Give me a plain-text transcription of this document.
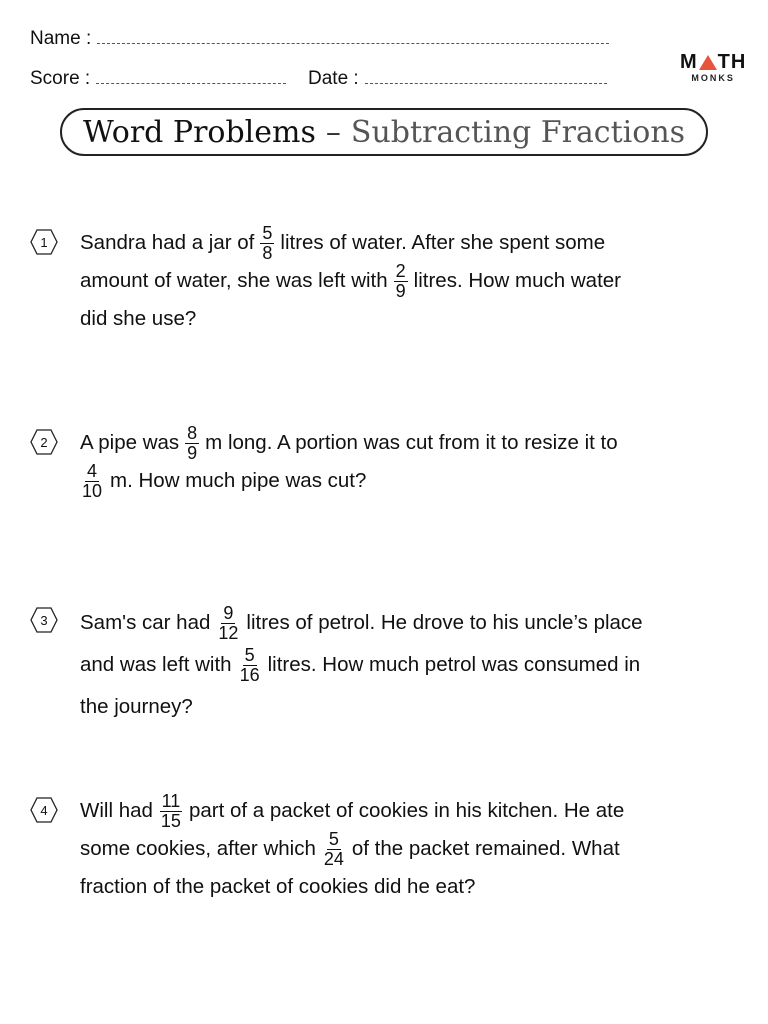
Name :
Score :	Date :
M TH
MONKS
Word Problems – Subtracting Fractions
1 Sandra had a jar of $\frac{5}{8}$ litres of water. After she spent some
amount of water, she was left with $\frac{2}{9}$ litres. How much water
did she use?
2 A pipe was $\frac{8}{9}$ m long. A portion was cut from it to resize it to
$\frac{4}{10} m$. How much pipe was cut?
3 Sam's car had $\frac{9}{12}$ litres of petrol. He drove to his uncle’s place
and was left with $\frac{5}{16}$ litres. How much petrol was consumed in
the journey?
4 Will had $\frac{11}{15}$ part of a packet of cookies in his kitchen. He ate
some cookies, after which $\frac{5}{24}$ of the packet remained. What
fraction of the packet of cookies did he eat?
